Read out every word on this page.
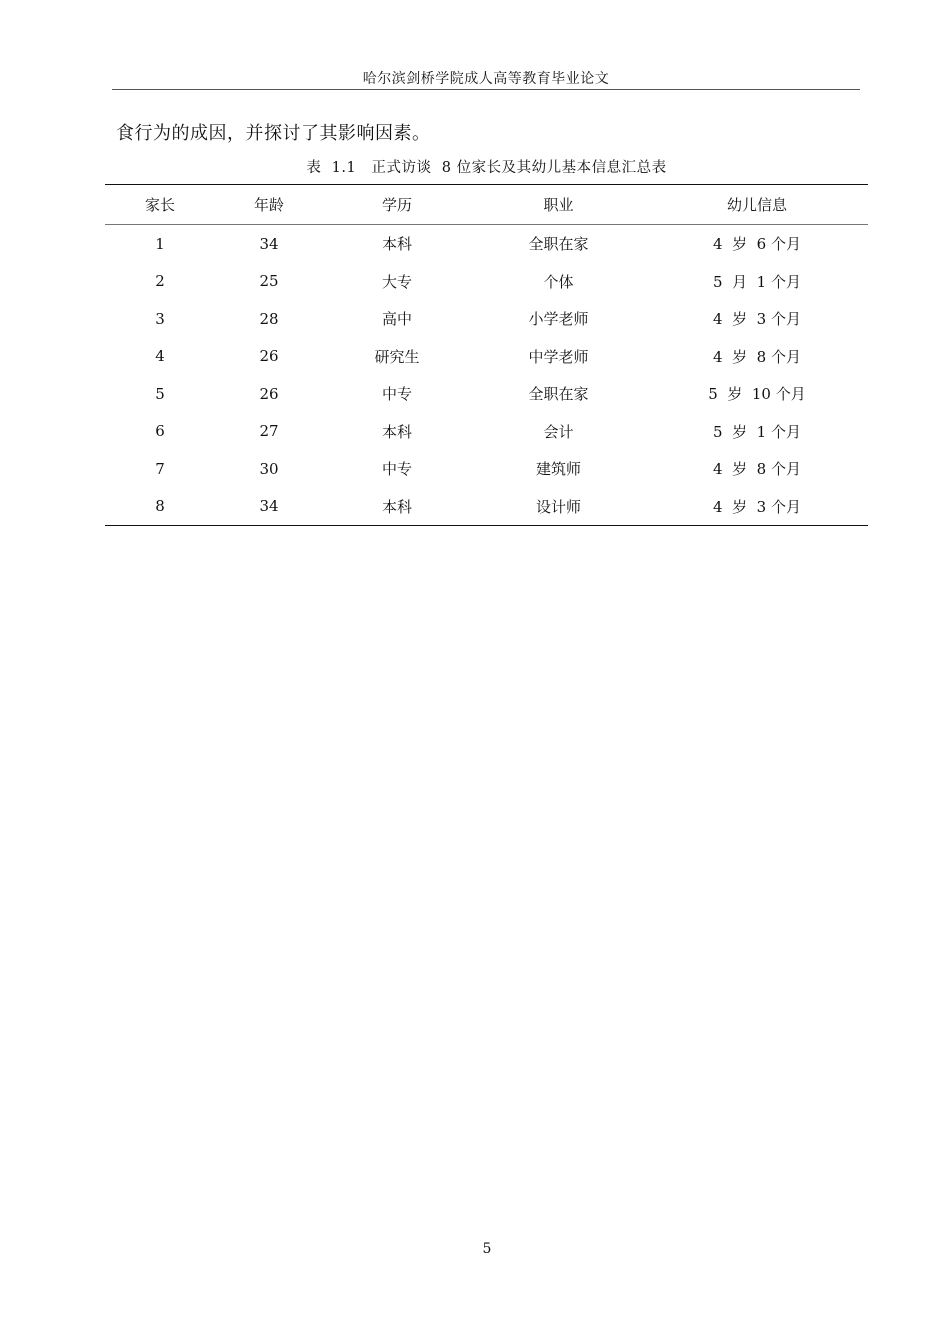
哈尔滨剑桥学院成人高等教育毕业论文
食行为的成因，并探讨了其影响因素。
表  1.1   正式访谈  8 位家长及其幼儿基本信息汇总表
家长	年龄	学历	职业	幼儿信息
1	34	本科	全职在家	4  岁  6 个月
2	25	大专	个体	5  月  1 个月
3	28	高中	小学老师	4  岁  3 个月
4	26	研究生	中学老师	4  岁  8 个月
5	26	中专	全职在家	5  岁  10 个月
6	27	本科	会计	5  岁  1 个月
7	30	中专	建筑师	4  岁  8 个月
8	34	本科	设计师	4  岁  3 个月
5
